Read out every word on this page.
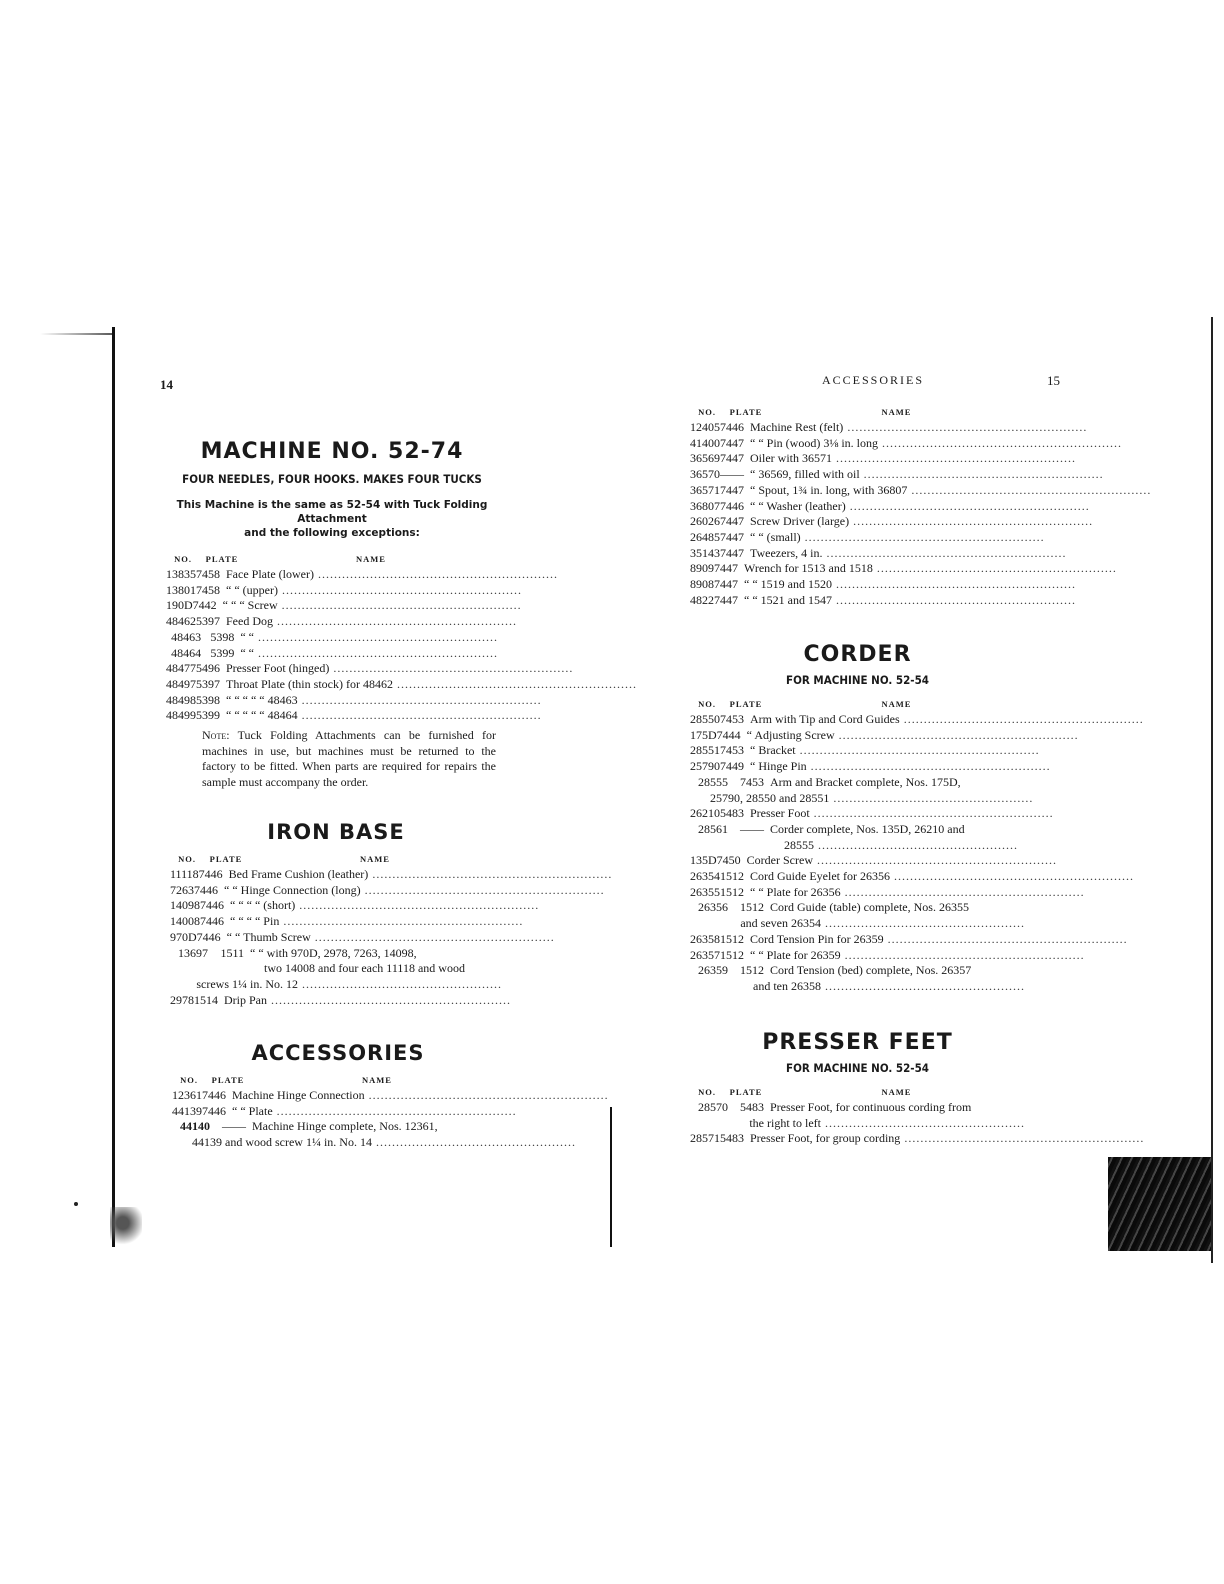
14
MACHINE NO. 52-74
FOUR NEEDLES, FOUR HOOKS. MAKES FOUR TUCKS
This Machine is the same as 52-54 with Tuck Folding Attachment
and the following exceptions:
NO.	PLATE	NAME
13835 7458 Face Plate (lower) ............................................................
13801 7458 “ “ (upper) ............................................................
190D 7442 “ “ “ Screw ............................................................
48462 5397 Feed Dog ............................................................
48463 5398 “ “ ............................................................
48464 5399 “ “ ............................................................
48477 5496 Presser Foot (hinged) ............................................................
48497 5397 Throat Plate (thin stock) for 48462 ............................................................
48498 5398 “ “ “ “ “ 48463 ............................................................
48499 5399 “ “ “ “ “ 48464 ............................................................
Note: Tuck Folding Attachments can be furnished for machines in use, but machines must be returned to the factory to be fitted. When parts are required for repairs the sample must accompany the order.
IRON BASE
NO.	PLATE	NAME
11118 7446 Bed Frame Cushion (leather) ............................................................
7263 7446 “ “ Hinge Connection (long) ............................................................
14098 7446 “ “ “ “ (short) ............................................................
14008 7446 “ “ “ “ Pin ............................................................
970D 7446 “ “ Thumb Screw ............................................................
13697	1511 “ “ with 970D, 2978, 7263, 14098,
two 14008 and four each 11118 and wood
screws 1¼ in. No. 12 ..................................................
2978 1514 Drip Pan ............................................................
ACCESSORIES
NO.	PLATE	NAME
12361 7446 Machine Hinge Connection ............................................................
44139 7446 “ “ Plate ............................................................
44140	—— Machine Hinge complete, Nos. 12361,
44139 and wood screw 1¼ in. No. 14 ..................................................
ACCESSORIES	15
NO.	PLATE	NAME
12405 7446 Machine Rest (felt) ............................................................
41400 7447 “ “ Pin (wood) 3⅛ in. long ............................................................
36569 7447 Oiler with 36571 ............................................................
36570 —— “ 36569, filled with oil ............................................................
36571 7447 “ Spout, 1¾ in. long, with 36807 ............................................................
36807 7446 “ “ Washer (leather) ............................................................
26026 7447 Screw Driver (large) ............................................................
26485 7447 “ “ (small) ............................................................
35143 7447 Tweezers, 4 in. ............................................................
8909 7447 Wrench for 1513 and 1518 ............................................................
8908 7447 “ “ 1519 and 1520 ............................................................
4822 7447 “ “ 1521 and 1547 ............................................................
CORDER
FOR MACHINE NO. 52-54
NO.	PLATE	NAME
28550 7453 Arm with Tip and Cord Guides ............................................................
175D 7444 “ Adjusting Screw ............................................................
28551 7453 “ Bracket ............................................................
25790 7449 “ Hinge Pin ............................................................
28555	7453 Arm and Bracket complete, Nos. 175D,
25790, 28550 and 28551 ..................................................
26210 5483 Presser Foot ............................................................
28561	—— Corder complete, Nos. 135D, 26210 and
28555 ..................................................
135D 7450 Corder Screw ............................................................
26354 1512 Cord Guide Eyelet for 26356 ............................................................
26355 1512 “ “ Plate for 26356 ............................................................
26356	1512 Cord Guide (table) complete, Nos. 26355
and seven 26354 ..................................................
26358 1512 Cord Tension Pin for 26359 ............................................................
26357 1512 “ “ Plate for 26359 ............................................................
26359	1512 Cord Tension (bed) complete, Nos. 26357
and ten 26358 ..................................................
PRESSER FEET
FOR MACHINE NO. 52-54
NO.	PLATE	NAME
28570	5483 Presser Foot, for continuous cording from
the right to left ..................................................
28571 5483 Presser Foot, for group cording ............................................................
